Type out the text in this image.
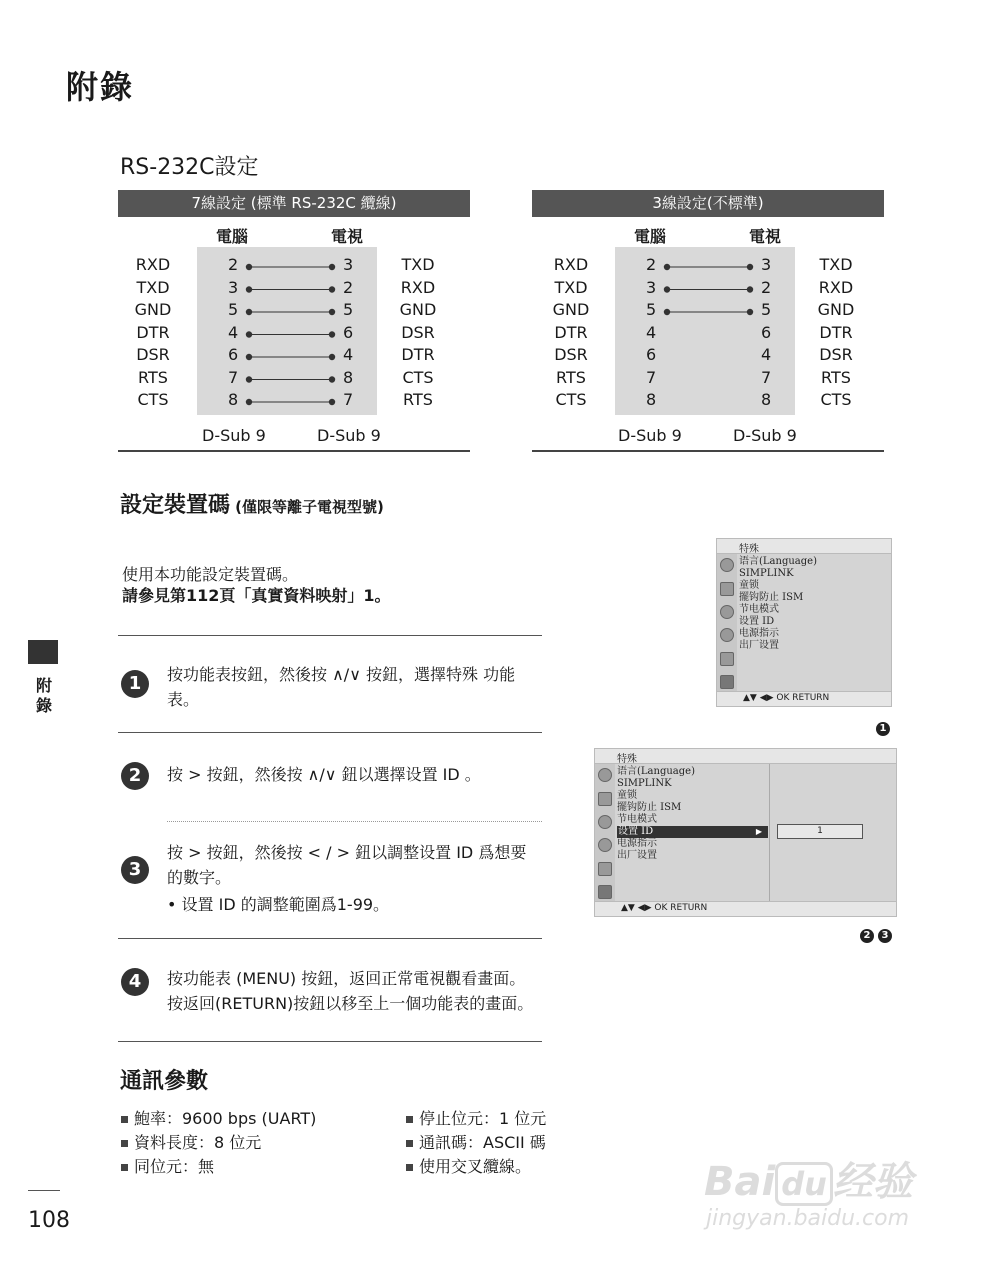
附錄
RS-232C設定
7線設定 (標準 RS-232C 纜線)
電腦	電視
D-Sub 9	D-Sub 9
RXD	2	3	TXD
TXD	3	2	RXD
GND	5	5	GND
DTR	4	6	DSR
DSR	6	4	DTR
RTS	7	8	CTS
CTS	8	7	RTS
3線設定(不標準)
電腦	電視
D-Sub 9	D-Sub 9
RXD	2	3	TXD
TXD	3	2	RXD
GND	5	5	GND
DTR	4	6	DTR
DSR	6	4	DSR
RTS	7	7	RTS
CTS	8	8	CTS
設定裝置碼 (僅限等離子電視型號)
使用本功能設定裝置碼。
請參見第112頁「真實資料映射」1。
1	按功能表按鈕，然後按 ∧/∨ 按鈕，選擇特殊 功能
表。
2	按 > 按鈕，然後按 ∧/∨ 鈕以選擇设置 ID 。
3
按 > 按鈕，然後按 < / > 鈕以調整设置 ID 爲想要
的數字。
• 设置 ID 的調整範圍爲1-99。
4	按功能表 (MENU) 按鈕，返回正常電視觀看畫面。
按返回(RETURN)按鈕以移至上一個功能表的畫面。
特殊
▲▼ ◀▶ OK RETURN
语言(Language)
SIMPLINK
童锁
擺钩防止 ISM
节电模式
设置 ID
电源指示
出厂设置
1
特殊
▲▼ ◀▶ OK RETURN
语言(Language)
SIMPLINK
童锁
擺钩防止 ISM
节电模式
设置 ID	▶
电源指示
出厂设置
1
2	3
通訊參數
鮑率：9600 bps (UART)
資料長度：8 位元
同位元：無
停止位元：1 位元
通訊碼：ASCII 碼
使用交叉纜線。
附
錄
108
Bai du 经验
jingyan.baidu.com
